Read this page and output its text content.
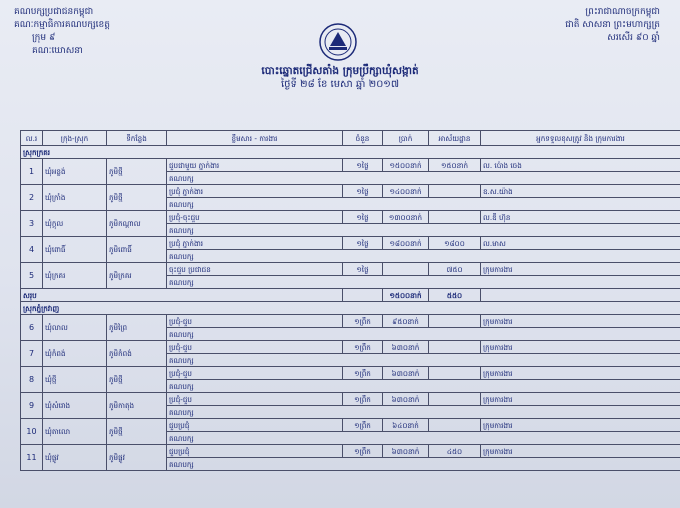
គណបក្សប្រជាជនកម្ពុជា
គណៈកម្មាធិការគណបក្សខេត្ត
ក្រុម ៩
គណៈឃោសនា
ព្រះរាជាណាចក្រកម្ពុជា
ជាតិ សាសនា ព្រះមហាក្សត្រ
សរសើរ ៩០ ឆ្នាំ
បោះឆ្នោតជ្រើសតាំង ក្រុមប្រឹក្សាឃុំសង្កាត់
ថ្ងៃទី ២៨ ខែ មេសា ឆ្នាំ ២០១៧
ល.រ	ក្រុង-ស្រុក	ទីកន្លែង	ខ្លឹមសារ - ការងារ	ចំនួន	ប្រាក់	អាស័យដ្ឋាន	អ្នកទទួលខុសត្រូវ និង ក្រុមការងារ
ស្រុកក្រគរ							
1	ឃុំអន្លង់	ភូមិថ្មី	ជួបជាមួយ ភ្នាក់ងារ	១ថ្ងៃ	១៥០០នាក់	១៥០នាក់	ល. ប៉ោង ចេង
			គណបក្ស				
2	ឃុំក្រាំង	ភូមិថ្មី	ប្រជុំ ភ្នាក់ងារ	១ថ្ងៃ	១៤០០នាក់		ឧ.ស.យ៉ាង
			គណបក្ស				
3	ឃុំក្តុល	ភូមិកណ្តាល	ប្រជុំ-ចុះជួប	១ថ្ងៃ	១៣០០នាក់		ល.ឌី ហ៊ុន
			គណបក្ស				
4	ឃុំពោធិ៍	ភូមិពោធិ៍	ប្រជុំ ភ្នាក់ងារ	១ថ្ងៃ	១៨០០នាក់	១៨០០	ល.មាស
			គណបក្ស				
5	ឃុំក្រគរ	ភូមិក្រគរ	ចុះជួប ប្រជាជន	១ថ្ងៃ		៧៥០	ក្រុមការងារ
			គណបក្ស				
សរុប					១៥០០នាក់	៥៥០	
ស្រុកភ្នំក្រវាញ							
6	ឃុំលាល	ភូមិព្រៃ	ប្រជុំ-ជួប	១ព្រឹក	៩៥០នាក់		ក្រុមការងារ
			គណបក្ស				
7	ឃុំកំពង់	ភូមិកំពង់	ប្រជុំ-ជួប	១ព្រឹក	៦៣០នាក់		ក្រុមការងារ
			គណបក្ស				
8	ឃុំថ្មី	ភូមិថ្មី	ប្រជុំ-ជួប	១ព្រឹក	៦៣០នាក់		ក្រុមការងារ
			គណបក្ស				
9	ឃុំសំរោង	ភូមិកាតុង	ប្រជុំ-ជួប	១ព្រឹក	៦៣០នាក់		ក្រុមការងារ
			គណបក្ស				
10	ឃុំតាលោ	ភូមិថ្មី	ជួបប្រជុំ	១ព្រឹក	៦៤០នាក់		ក្រុមការងារ
			គណបក្ស				
11	ឃុំផ្លូវ	ភូមិផ្លូវ	ជួបប្រជុំ	១ព្រឹក	៦៣០នាក់	៤៥០	ក្រុមការងារ
			គណបក្ស				
